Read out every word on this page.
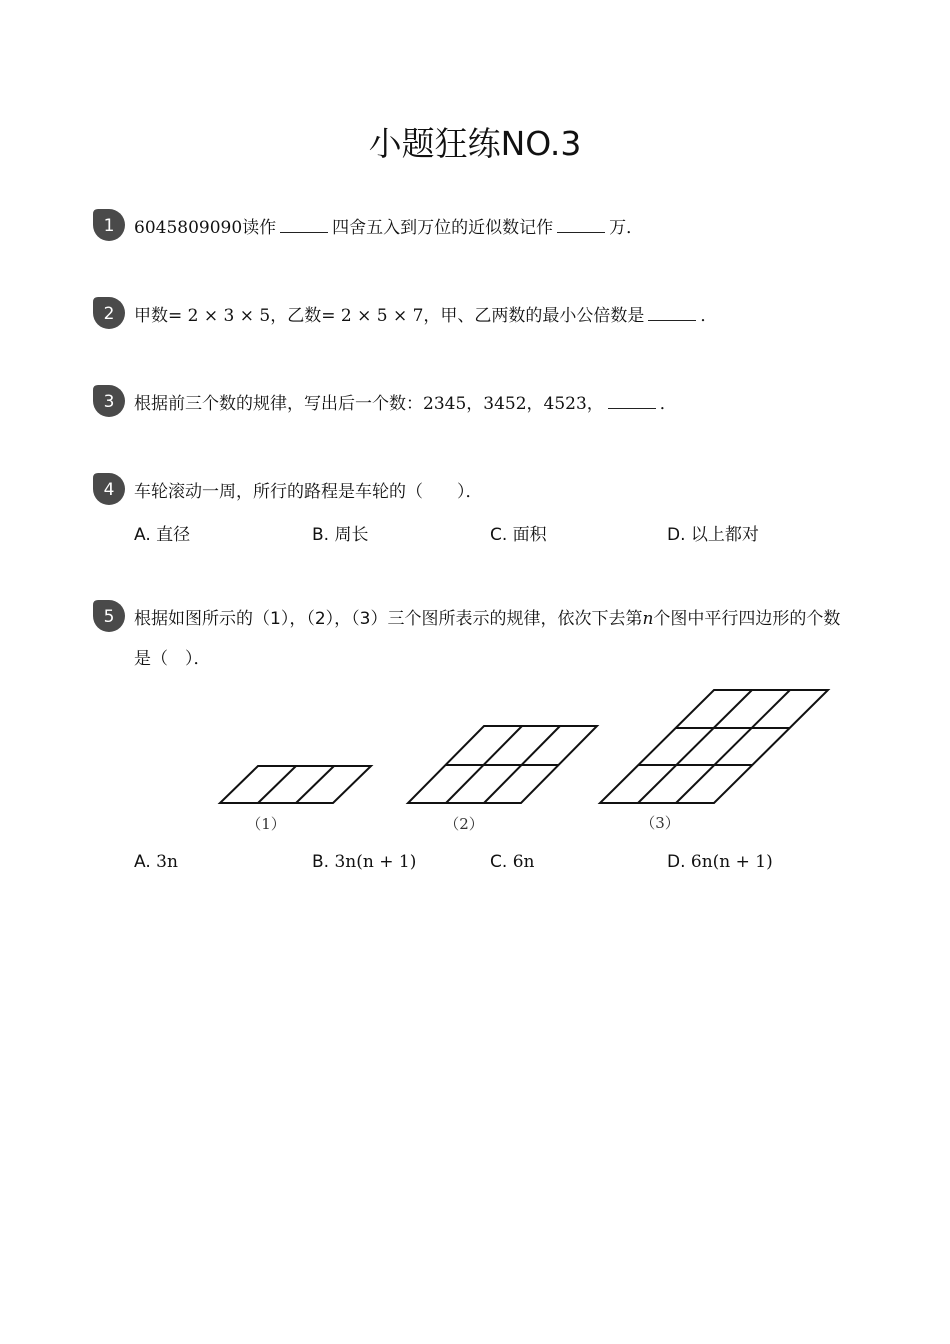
小题狂练NO.3
1 6045809090读作	四舍五入到万位的近似数记作	万．
2 甲数= 2 × 3 × 5，乙数= 2 × 5 × 7，甲、乙两数的最小公倍数是	．
3 根据前三个数的规律，写出后一个数：2345，3452，4523，	．
4 车轮滚动一周，所行的路程是车轮的（　　）．
A. 直径	B. 周长	C. 面积	D. 以上都对
5 根据如图所示的（1），（2），（3）三个图所表示的规律，依次下去第n个图中平行四边形的个数是（　）．
A. 3n	B. 3n(n + 1)	C. 6n	D. 6n(n + 1)
（1）	（2）	（3）
